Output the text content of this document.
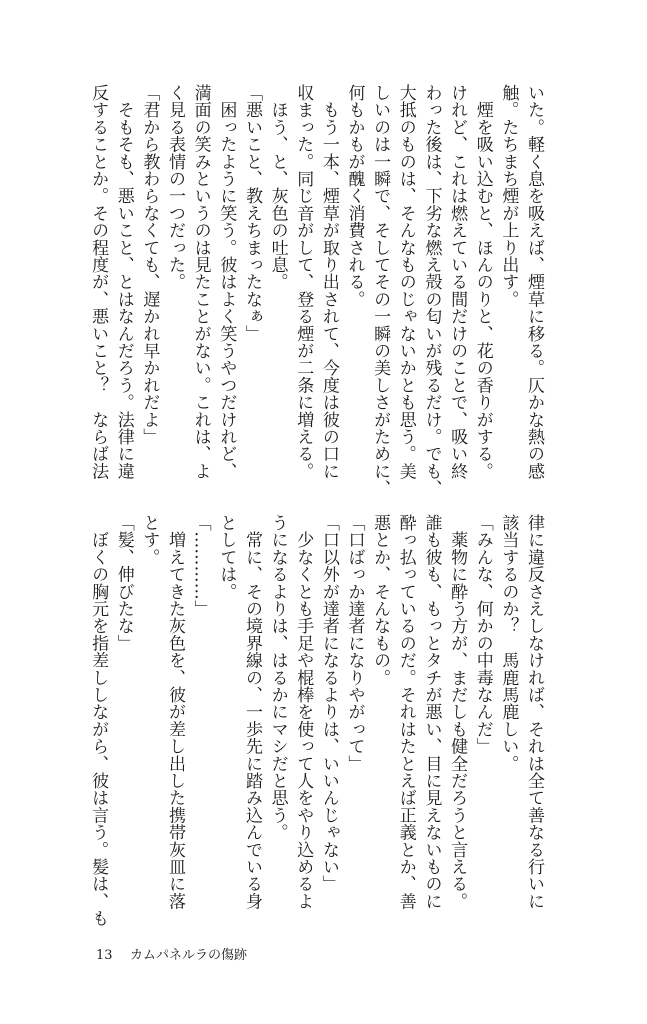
いた。軽く息を吸えば、煙草に移る。仄かな熱の感
触。たちまち煙が上り出す。
　煙を吸い込むと、ほんのりと、花の香りがする。
けれど、これは燃えている間だけのことで、吸い終
わった後は、下劣な燃え殻の匂いが残るだけ。でも、
大抵のものは、そんなものじゃないかとも思う。美
しいのは一瞬で、そしてその一瞬の美しさがために、
何もかもが醜く消費される。
　もう一本、煙草が取り出されて、今度は彼の口に
収まった。同じ音がして、登る煙が二条に増える。
　ほう、と、灰色の吐息。
「悪いこと、教えちまったなぁ」
　困ったように笑う。彼はよく笑うやつだけれど、
満面の笑みというのは見たことがない。これは、よ
く見る表情の一つだった。
「君から教わらなくても、遅かれ早かれだよ」
　そもそも、悪いこと、とはなんだろう。法律に違
反することか。その程度が、悪いこと？　ならば法
律に違反さえしなければ、それは全て善なる行いに
該当するのか？　馬鹿馬鹿しい。
「みんな、何かの中毒なんだ」
　薬物に酔う方が、まだしも健全だろうと言える。
誰も彼も、もっとタチが悪い、目に見えないものに
酔っ払っているのだ。それはたとえば正義とか、善
悪とか、そんなもの。
「口ばっか達者になりやがって」
「口以外が達者になるよりは、いいんじゃない」
　少なくとも手足や棍棒を使って人をやり込めるよ
うになるよりは、はるかにマシだと思う。
　常に、その境界線の、一歩先に踏み込んでいる身
としては。
「…………」
　増えてきた灰色を、彼が差し出した携帯灰皿に落
とす。
「髪、伸びたな」
　ぼくの胸元を指差ししながら、彼は言う。髪は、も
13 カムパネルラの傷跡
